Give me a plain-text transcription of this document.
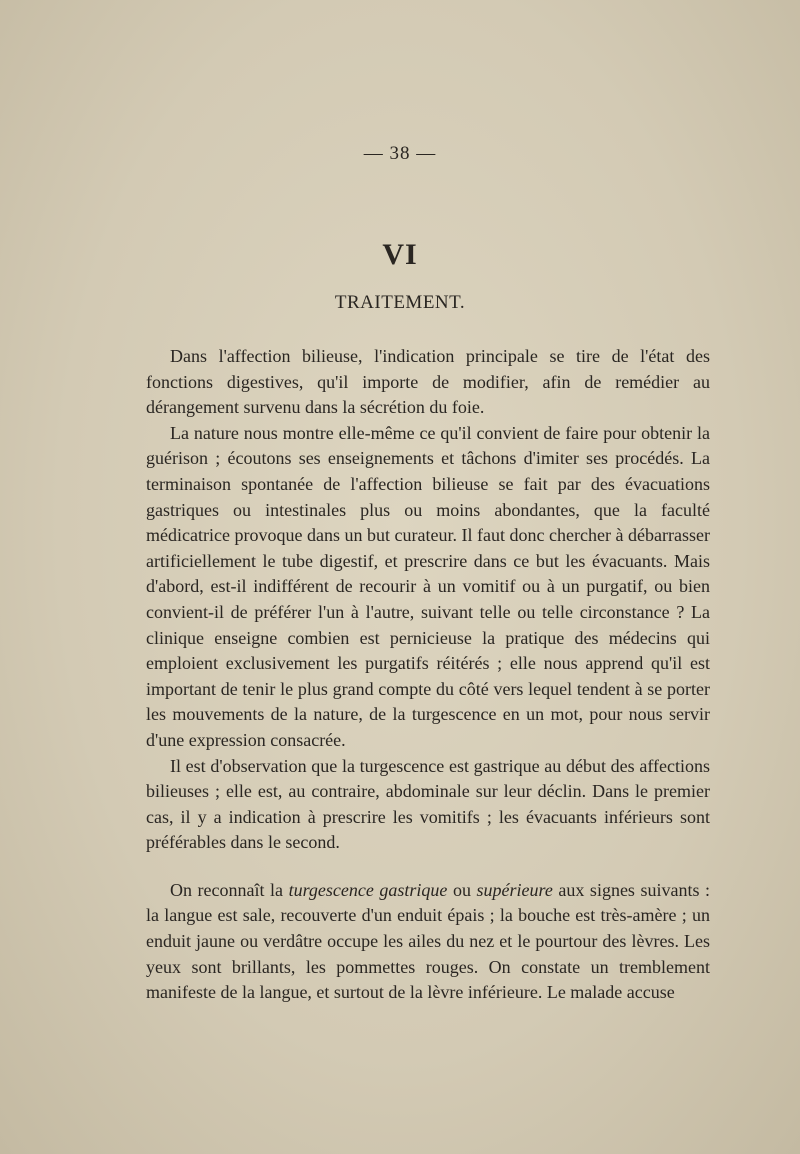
— 38 —
VI
TRAITEMENT.

Dans l'affection bilieuse, l'indication principale se tire de l'état des fonctions digestives, qu'il importe de modifier, afin de remédier au dérangement survenu dans la sécrétion du foie.

La nature nous montre elle-même ce qu'il convient de faire pour obtenir la guérison ; écoutons ses enseignements et tâchons d'imiter ses procédés. La terminaison spontanée de l'affection bilieuse se fait par des évacuations gastriques ou intestinales plus ou moins abondantes, que la faculté médicatrice provoque dans un but curateur. Il faut donc chercher à débarrasser artificiellement le tube digestif, et prescrire dans ce but les évacuants. Mais d'abord, est-il indifférent de recourir à un vomitif ou à un purgatif, ou bien convient-il de préférer l'un à l'autre, suivant telle ou telle circonstance ? La clinique enseigne combien est pernicieuse la pratique des médecins qui emploient exclusivement les purgatifs réitérés ; elle nous apprend qu'il est important de tenir le plus grand compte du côté vers lequel tendent à se porter les mouvements de la nature, de la turgescence en un mot, pour nous servir d'une expression consacrée.

Il est d'observation que la turgescence est gastrique au début des affections bilieuses ; elle est, au contraire, abdominale sur leur déclin. Dans le premier cas, il y a indication à prescrire les vomitifs ; les évacuants inférieurs sont préférables dans le second.

On reconnaît la turgescence gastrique ou supérieure aux signes suivants : la langue est sale, recouverte d'un enduit épais ; la bouche est très-amère ; un enduit jaune ou verdâtre occupe les ailes du nez et le pourtour des lèvres. Les yeux sont brillants, les pommettes rouges. On constate un tremblement manifeste de la langue, et surtout de la lèvre inférieure. Le malade accuse
